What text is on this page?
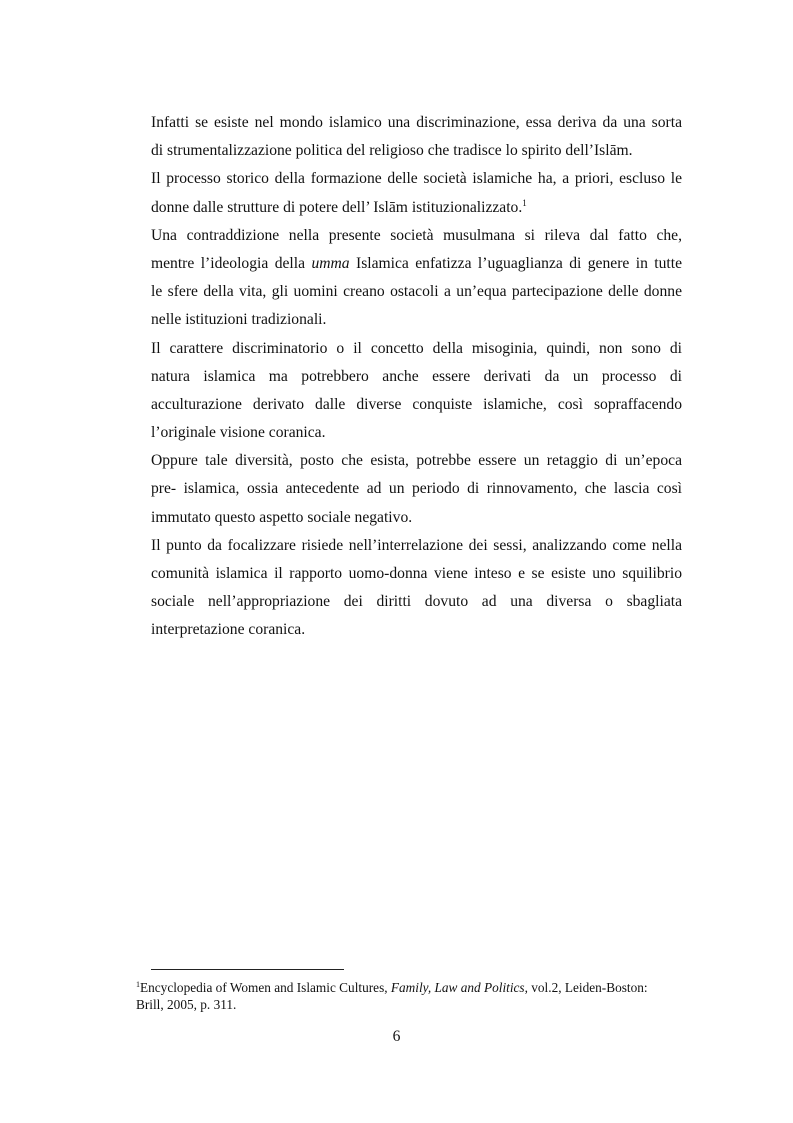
Infatti se esiste nel mondo islamico una discriminazione, essa deriva da una sorta
di strumentalizzazione politica del religioso che tradisce lo spirito dell’Islām.

Il processo storico della formazione delle società islamiche ha, a priori, escluso le
donne dalle strutture di potere dell’ Islām istituzionalizzato.$^1$

Una contraddizione nella presente società musulmana si rileva dal fatto che,
mentre l’ideologia della umma Islamica enfatizza l’uguaglianza di genere in tutte
le sfere della vita, gli uomini creano ostacoli a un’equa partecipazione delle donne
nelle istituzioni tradizionali.

Il carattere discriminatorio o il concetto della misoginia, quindi, non sono di
natura islamica ma potrebbero anche essere derivati da un processo di
acculturazione derivato dalle diverse conquiste islamiche, così sopraffacendo
l’originale visione coranica.

Oppure tale diversità, posto che esista, potrebbe essere un retaggio di un’epoca
pre- islamica, ossia antecedente ad un periodo di rinnovamento, che lascia così
immutato questo aspetto sociale negativo.

Il punto da focalizzare risiede nell’interrelazione dei sessi, analizzando come nella
comunità islamica il rapporto uomo-donna viene inteso e se esiste uno squilibrio
sociale nell’appropriazione dei diritti dovuto ad una diversa o sbagliata
interpretazione coranica.

$^1$Encyclopedia of Women and Islamic Cultures, Family, Law and Politics, vol.2, Leiden-Boston:
Brill, 2005, p. 311.
6
